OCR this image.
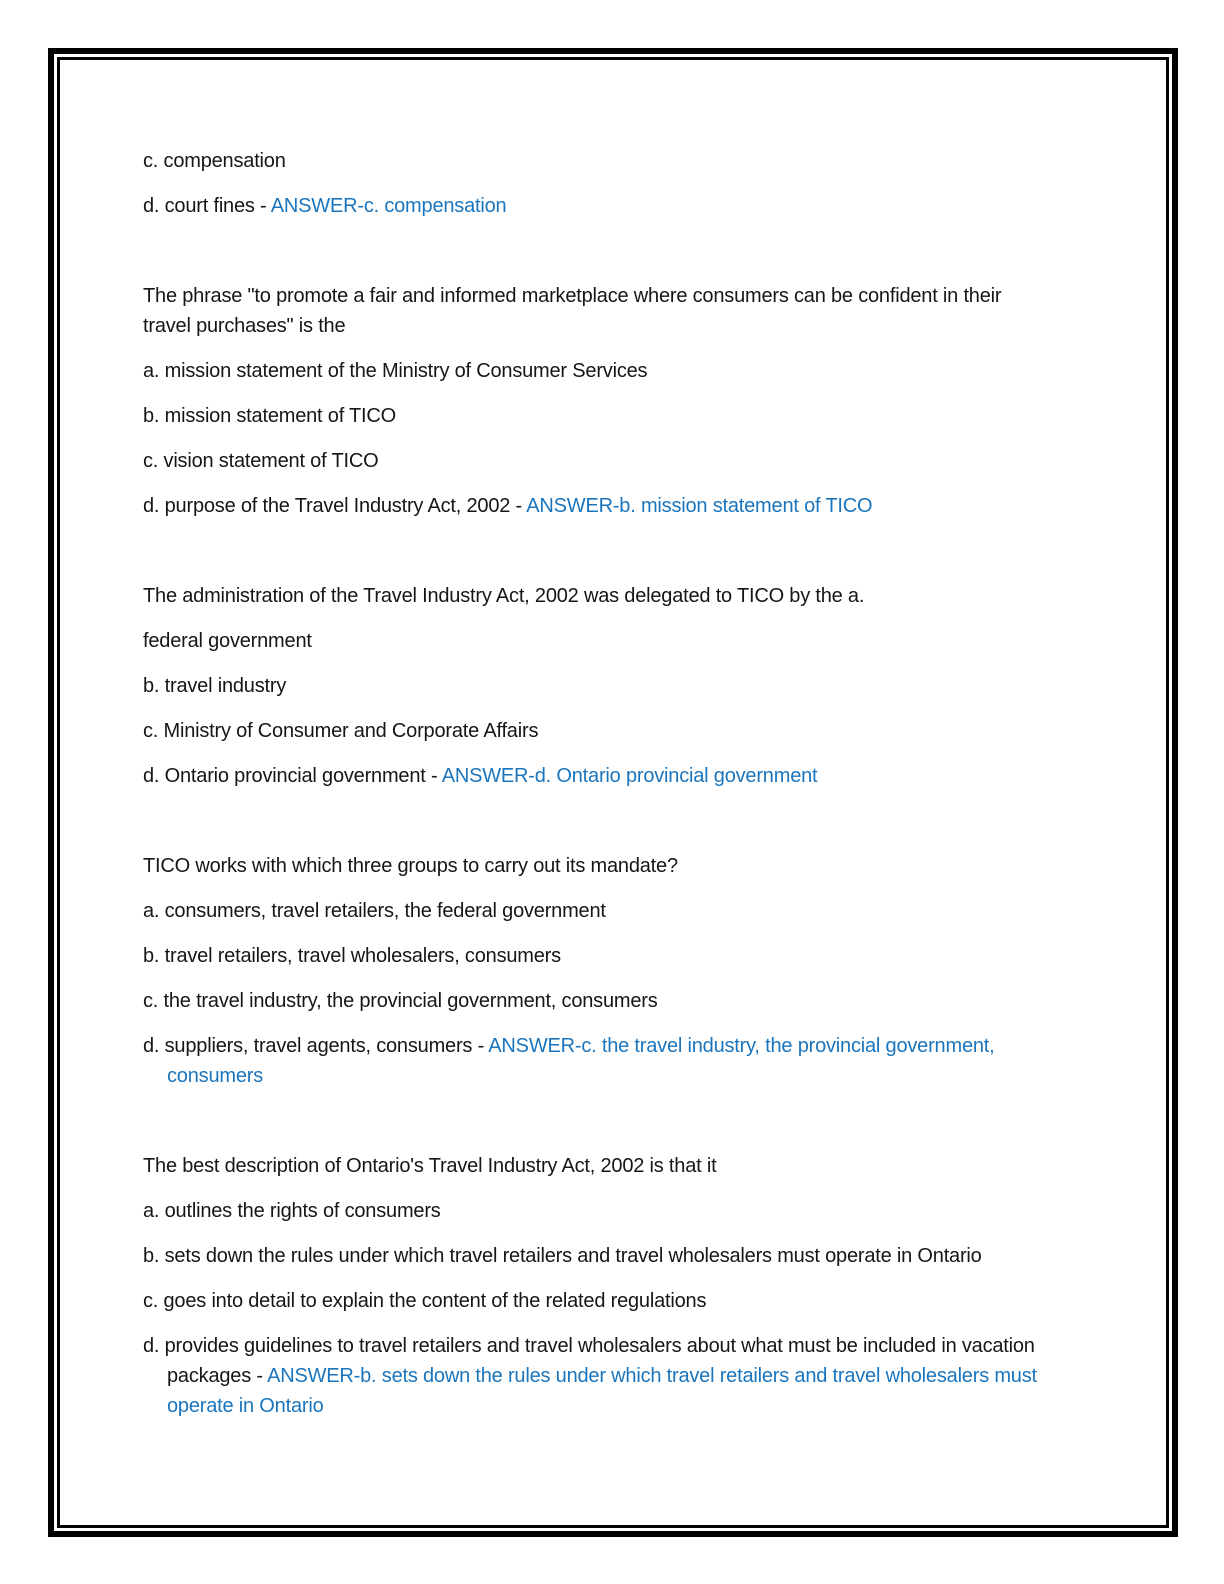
c. compensation

d. court fines - ANSWER-c. compensation

The phrase "to promote a fair and informed marketplace where consumers can be confident in their
travel purchases" is the

a. mission statement of the Ministry of Consumer Services

b. mission statement of TICO

c. vision statement of TICO

d. purpose of the Travel Industry Act, 2002 - ANSWER-b. mission statement of TICO

The administration of the Travel Industry Act, 2002 was delegated to TICO by the a.

federal government

b. travel industry

c. Ministry of Consumer and Corporate Affairs

d. Ontario provincial government - ANSWER-d. Ontario provincial government

TICO works with which three groups to carry out its mandate?

a. consumers, travel retailers, the federal government

b. travel retailers, travel wholesalers, consumers

c. the travel industry, the provincial government, consumers

d. suppliers, travel agents, consumers - ANSWER-c. the travel industry, the provincial government,
consumers

The best description of Ontario's Travel Industry Act, 2002 is that it

a. outlines the rights of consumers

b. sets down the rules under which travel retailers and travel wholesalers must operate in Ontario

c. goes into detail to explain the content of the related regulations

d. provides guidelines to travel retailers and travel wholesalers about what must be included in vacation
packages - ANSWER-b. sets down the rules under which travel retailers and travel wholesalers must
operate in Ontario
